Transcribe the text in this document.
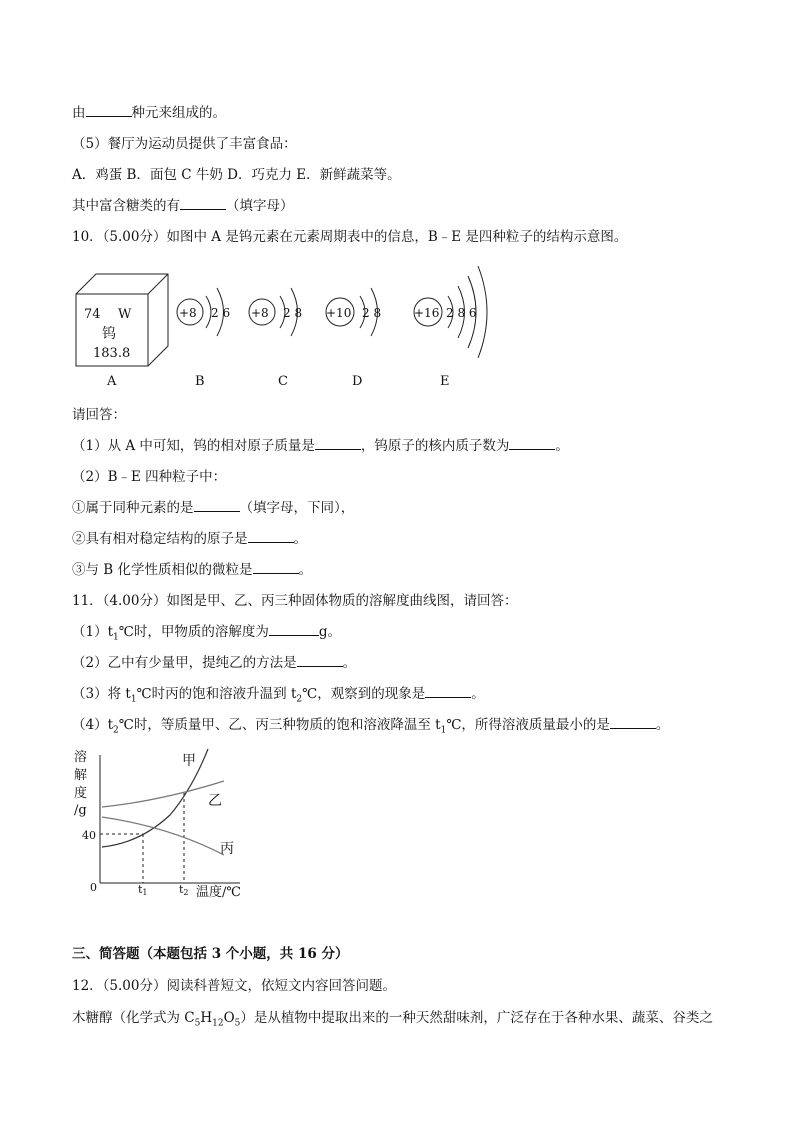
由	种元来组成的。
（5）餐厅为运动员提供了丰富食品：
A．鸡蛋 B．面包 C 牛奶 D．巧克力 E．新鲜蔬菜等。
其中富含糖类的有	（填字母）
10．（5.00分）如图中 A 是钨元素在元素周期表中的信息，B﹣E 是四种粒子的结构示意图。
74 W
钨
183.8
+8 2 6 +8 2 8 +10 2 8	+16 2 8 6
A	B	C	D	E
请回答：
（1）从 A 中可知，钨的相对原子质量是	，钨原子的核内质子数为	。
（2）B﹣E 四种粒子中：
①属于同种元素的是	（填字母，下同），
②具有相对稳定结构的原子是	。
③与 B 化学性质相似的微粒是	。
11．（4.00分）如图是甲、乙、丙三种固体物质的溶解度曲线图，请回答：
$(1)t_1℃$时，甲物质的溶解度为	g。
（2）乙中有少量甲，提纯乙的方法是	。
（3）将 $t_1℃$时丙的饱和溶液升温到 $t_2℃$，观察到的现象是	。
$(4)t_2℃$时，等质量甲、乙、丙三种物质的饱和溶液降温至 $t_1℃$，所得溶液质量最小的是	。
溶
解
度
/g
0
40
温度/℃
t1	t2
甲
乙
丙
三、简答题（本题包括 3 个小题，共 16 分）
12．（5.00分）阅读科普短文，依短文内容回答问题。
木糖醇（化学式为 $C_5H_{12}O_5$）是从植物中提取出来的一种天然甜味剂，广泛存在于各种水果、蔬菜、谷类之
